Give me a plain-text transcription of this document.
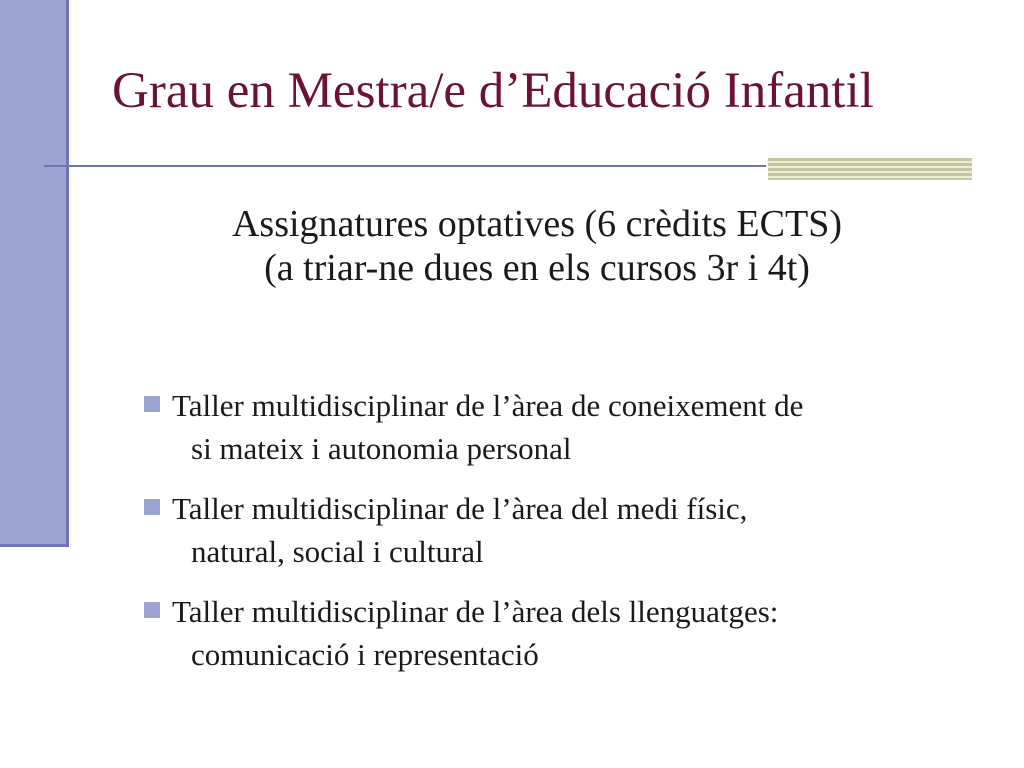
Grau en Mestra/e d’Educació Infantil
Assignatures optatives (6 crèdits ECTS)
(a triar-ne dues en els cursos 3r i 4t)
Taller multidisciplinar de l’àrea de coneixement de
si mateix i autonomia personal
Taller multidisciplinar de l’àrea del medi físic,
natural, social i cultural
Taller multidisciplinar de l’àrea dels llenguatges:
comunicació i representació
